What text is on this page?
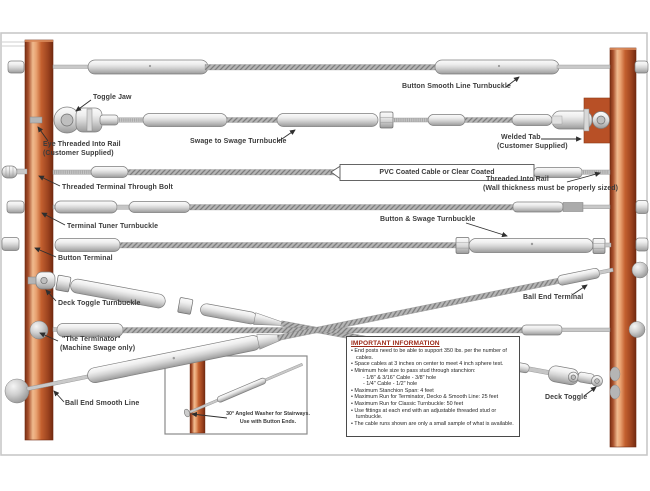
Button Smooth Line Turnbuckle
Toggle Jaw
Eye Threaded Into Rail
(Customer Supplied)
Swage to Swage Turnbuckle
Welded Tab
(Customer Supplied)
PVC Coated Cable or Clear Coated
Threaded Into Rail
(Wall thickness must be properly sized)
Threaded Terminal Through Bolt
Terminal Tuner Turnbuckle
Button Terminal
Button & Swage Turnbuckle
Deck Toggle Turnbuckle
"The Terminator"
(Machine Swage only)
Ball End Smooth Line
Ball End Terminal
Deck Toggle
30° Angled Washer for Stairways.
Use with Button Ends.
IMPORTANT INFORMATION
• End posts need to be able to support 350 lbs. per the number of cables.
• Space cables at 3 inches on center to meet 4 inch sphere test.
• Minimum hole size to pass stud through stanchion:
- 1/8" & 3/16" Cable - 3/8" hole
- 1/4" Cable - 1/2" hole
• Maximum Stanchion Span: 4 feet
• Maximum Run for Terminator, Decko & Smooth Line: 25 feet
• Maximum Run for Classic Turnbuckle: 50 feet
• Use fittings at each end with an adjustable threaded stud or turnbuckle.
• The cable runs shown are only a small sample of what is available.
